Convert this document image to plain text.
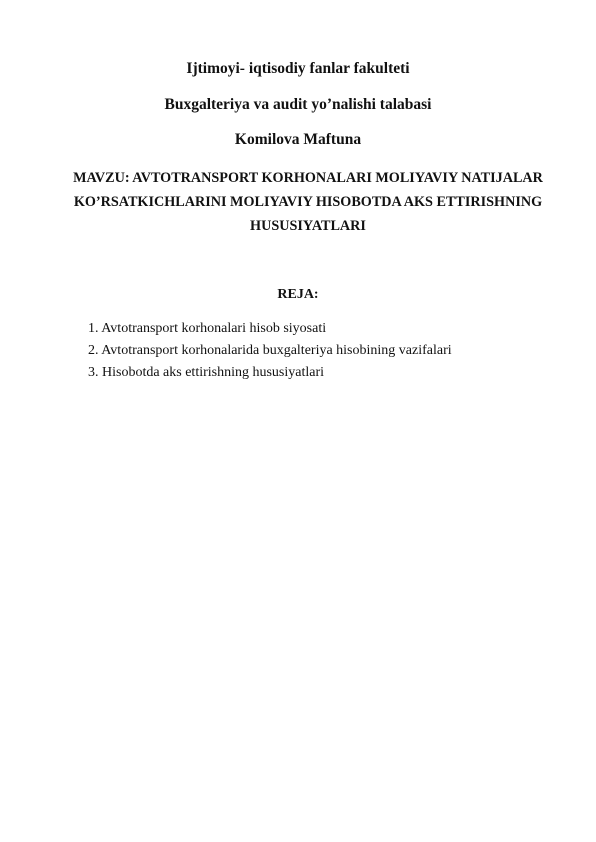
Ijtimoyi- iqtisodiy fanlar fakulteti
Buxgalteriya va audit yo’nalishi talabasi
Komilova Maftuna
MAVZU: AVTOTRANSPORT KORHONALARI MOLIYAVIY NATIJALAR KO’RSATKICHLARINI MOLIYAVIY HISOBOTDA AKS ETTIRISHNING HUSUSIYATLARI
REJA:
1. Avtotransport korhonalari hisob siyosati
2. Avtotransport korhonalarida buxgalteriya hisobining vazifalari
3. Hisobotda aks ettirishning hususiyatlari
